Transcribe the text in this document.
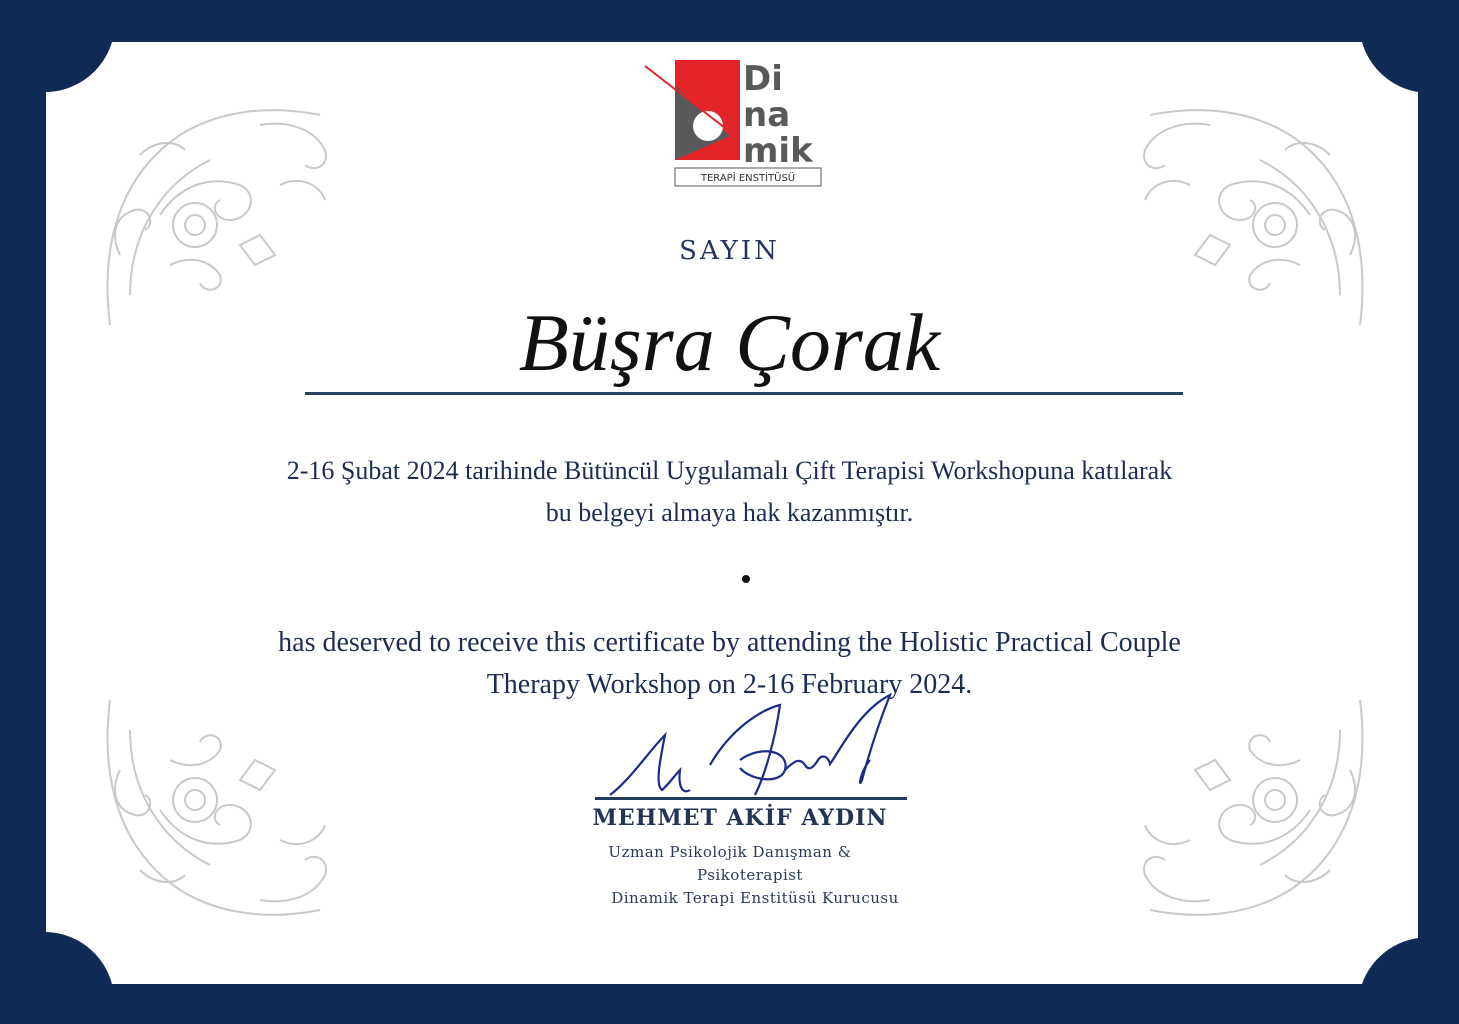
Di
na
mik
TERAPİ ENSTİTÜSÜ
SAYIN
Büşra Çorak
2-16 Şubat 2024 tarihinde Bütüncül Uygulamalı Çift Terapisi Workshopuna katılarak
bu belgeyi almaya hak kazanmıştır.
has deserved to receive this certificate by attending the Holistic Practical Couple
Therapy Workshop on 2-16 February 2024.
MEHMET AKİF AYDIN
Uzman Psikolojik Danışman &
Psikoterapist
Dinamik Terapi Enstitüsü Kurucusu
